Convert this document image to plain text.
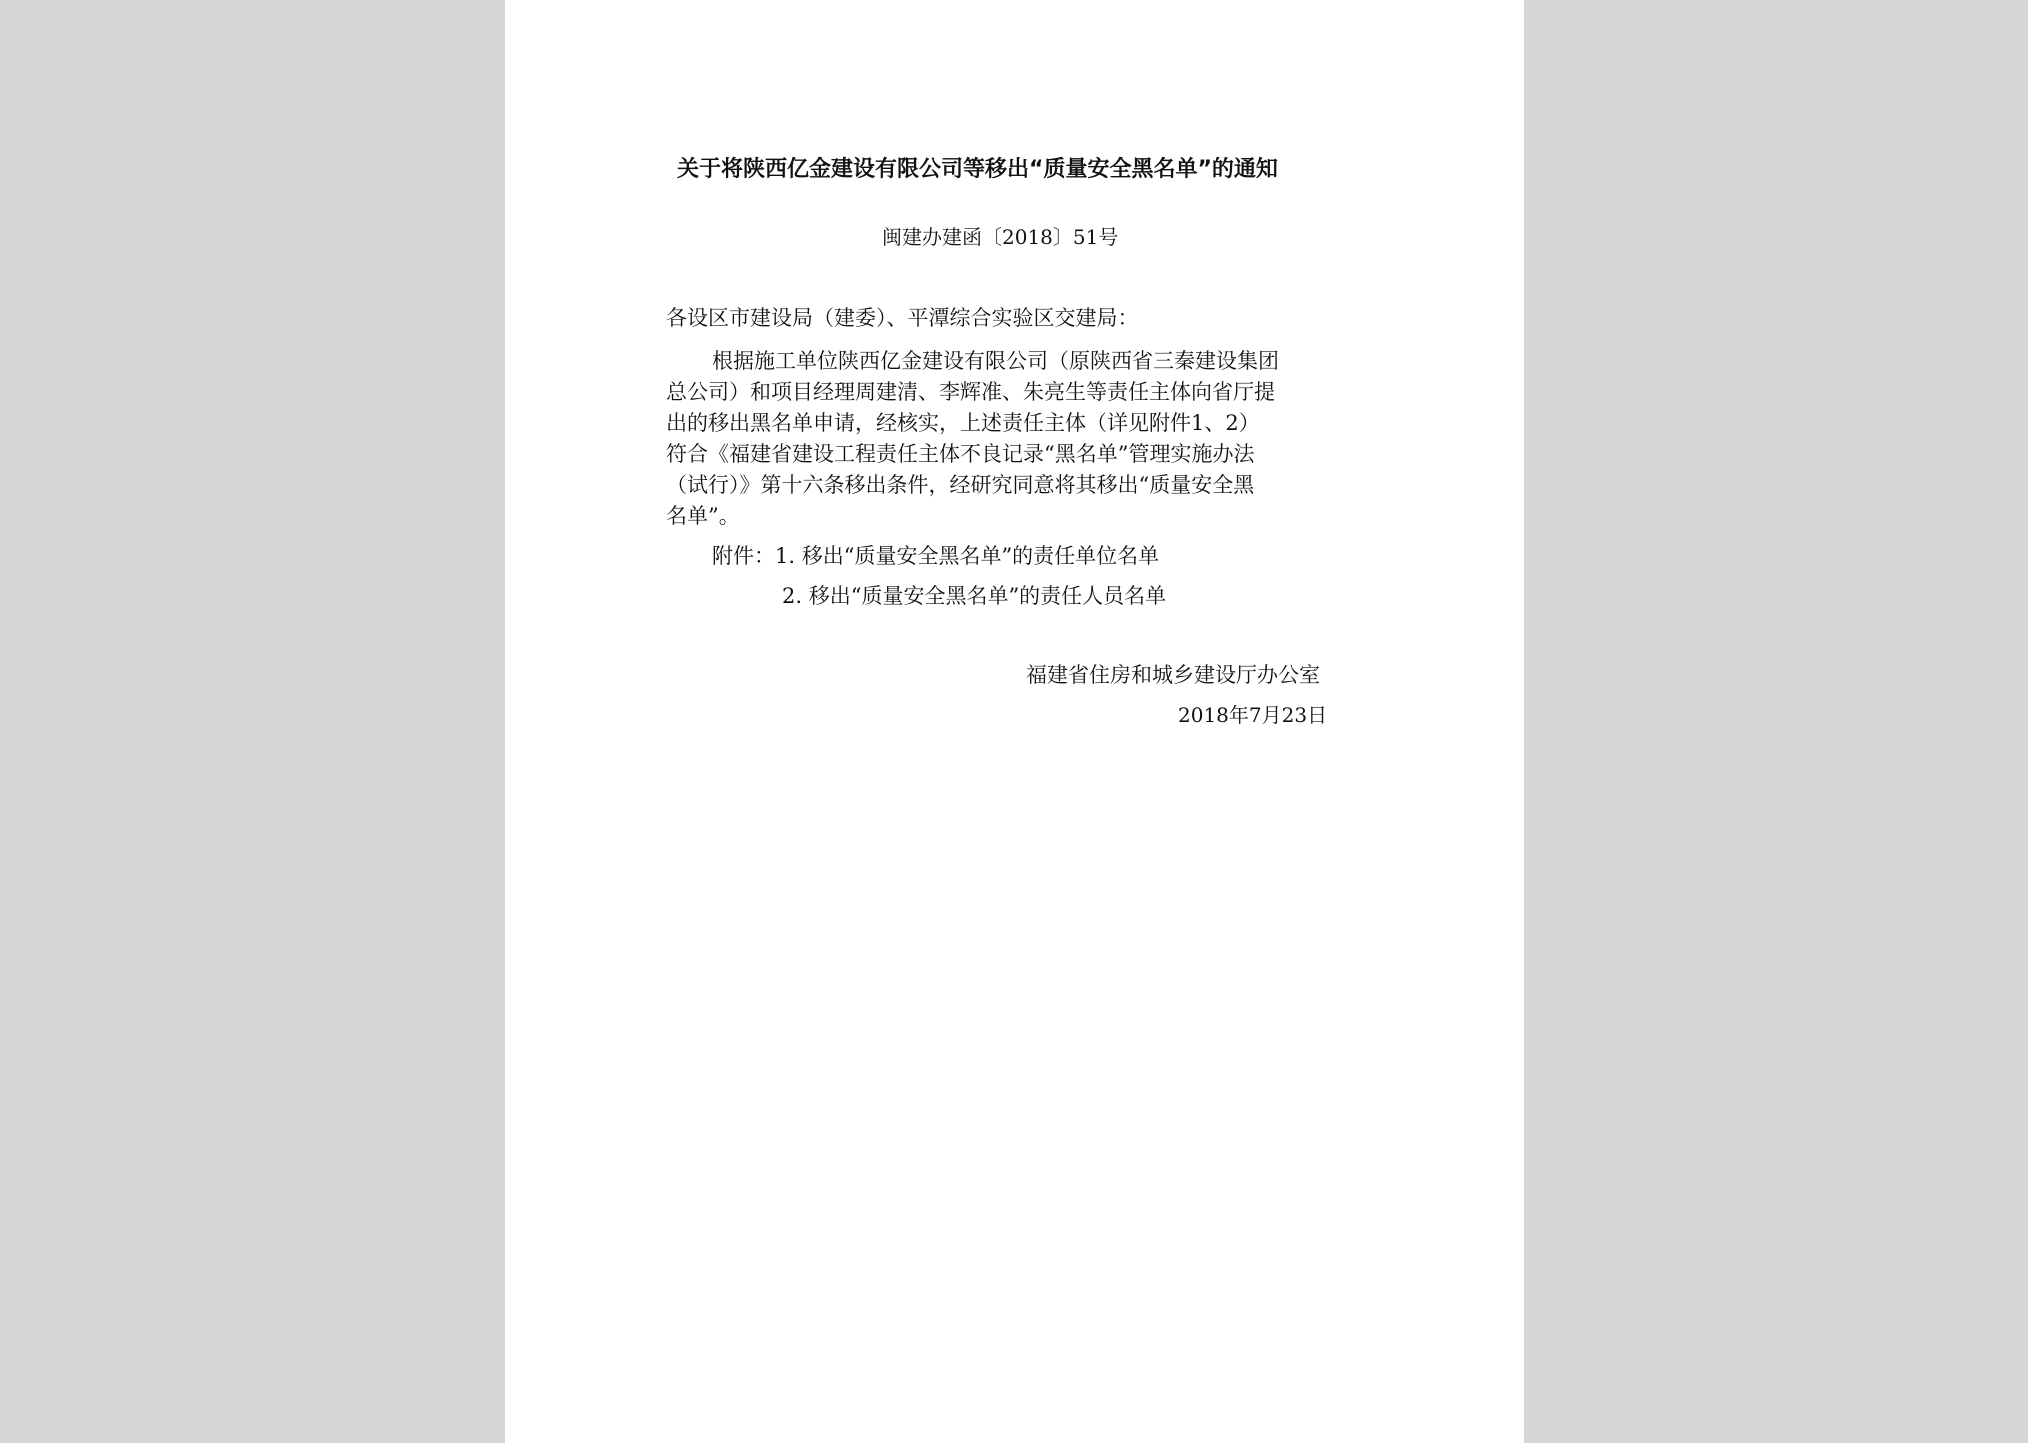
关于将陕西亿金建设有限公司等移出“质量安全黑名单”的通知
闽建办建函〔2018〕51号
各设区市建设局（建委）、平潭综合实验区交建局：
根据施工单位陕西亿金建设有限公司（原陕西省三秦建设集团
总公司）和项目经理周建清、李辉准、朱亮生等责任主体向省厅提
出的移出黑名单申请，经核实，上述责任主体（详见附件1、2）
符合《福建省建设工程责任主体不良记录“黑名单”管理实施办法
（试行）》第十六条移出条件，经研究同意将其移出“质量安全黑
名单”。
附件：1. 移出“质量安全黑名单”的责任单位名单
2. 移出“质量安全黑名单”的责任人员名单
福建省住房和城乡建设厅办公室
2018年7月23日
